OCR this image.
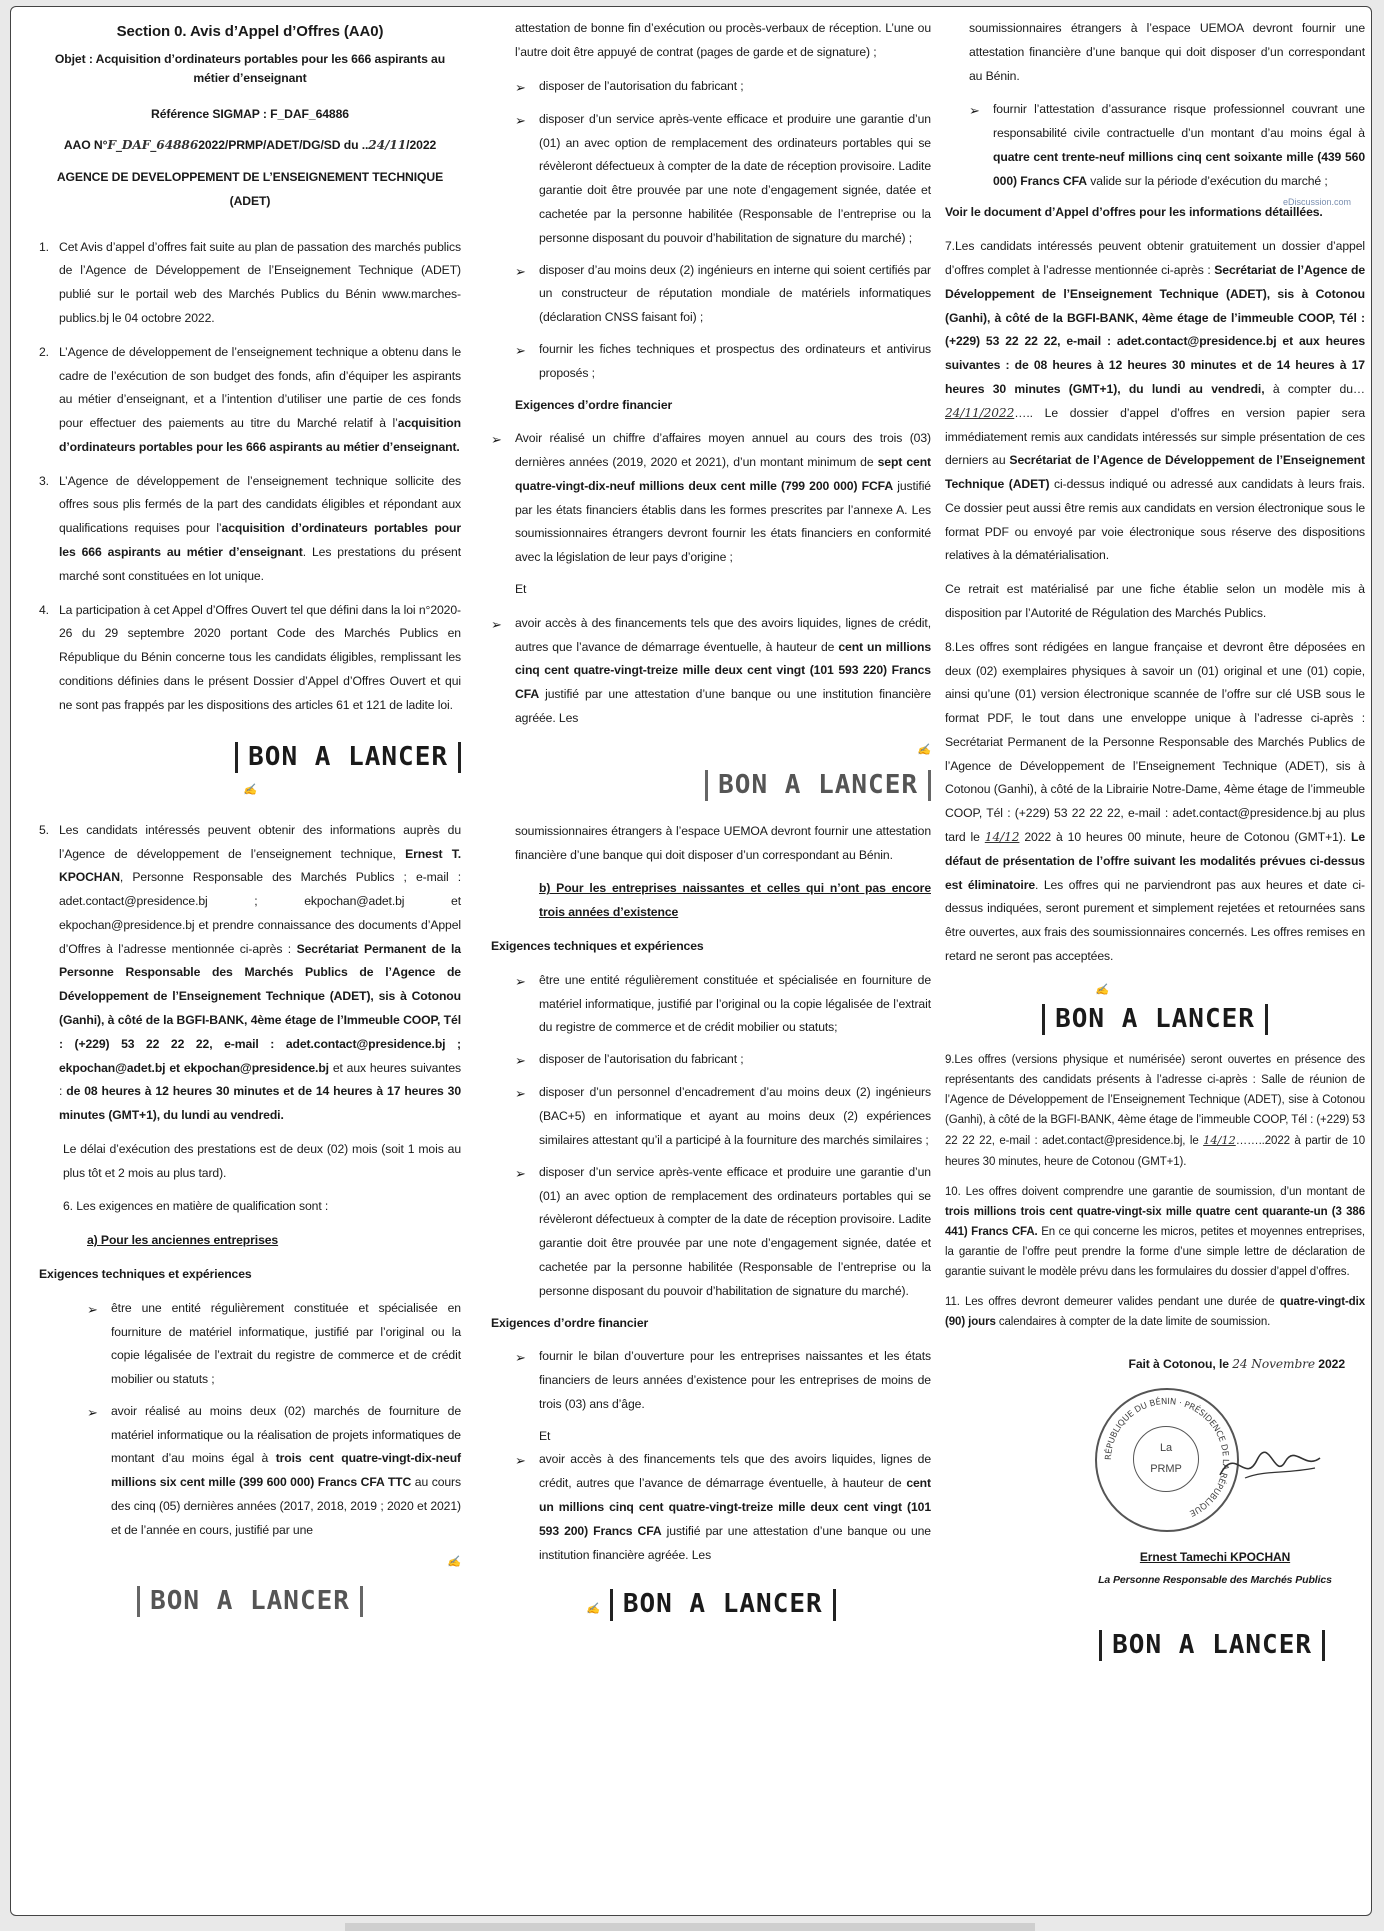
Section 0. Avis d’Appel d’Offres (AA0)
Objet : Acquisition d’ordinateurs portables pour les 666 aspirants au métier d’enseignant
Référence SIGMAP : F_DAF_64886
AAO N°F_DAF_648862022/PRMP/ADET/DG/SD du ..24/11/2022
AGENCE DE DEVELOPPEMENT DE L’ENSEIGNEMENT TECHNIQUE (ADET)
1. Cet Avis d’appel d’offres fait suite au plan de passation des marchés publics de l’Agence de Développement de l’Enseignement Technique (ADET) publié sur le portail web des Marchés Publics du Bénin www.marches-publics.bj le 04 octobre 2022.

2. L’Agence de développement de l’enseignement technique a obtenu dans le cadre de l’exécution de son budget des fonds, afin d’équiper les aspirants au métier d’enseignant, et a l’intention d’utiliser une partie de ces fonds pour effectuer des paiements au titre du Marché relatif à l’acquisition d’ordinateurs portables pour les 666 aspirants au métier d’enseignant.

3. L’Agence de développement de l’enseignement technique sollicite des offres sous plis fermés de la part des candidats éligibles et répondant aux qualifications requises pour l’acquisition d’ordinateurs portables pour les 666 aspirants au métier d’enseignant. Les prestations du présent marché sont constituées en lot unique.

4. La participation à cet Appel d’Offres Ouvert tel que défini dans la loi n°2020-26 du 29 septembre 2020 portant Code des Marchés Publics en République du Bénin concerne tous les candidats éligibles, remplissant les conditions définies dans le présent Dossier d’Appel d’Offres Ouvert et qui ne sont pas frappés par les dispositions des articles 61 et 121 de ladite loi.

BON A LANCER
✍
5. Les candidats intéressés peuvent obtenir des informations auprès du l’Agence de développement de l’enseignement technique, Ernest T. KPOCHAN, Personne Responsable des Marchés Publics ; e-mail : adet.contact@presidence.bj ; ekpochan@adet.bj et ekpochan@presidence.bj et prendre connaissance des documents d’Appel d’Offres à l’adresse mentionnée ci-après : Secrétariat Permanent de la Personne Responsable des Marchés Publics de l’Agence de Développement de l’Enseignement Technique (ADET), sis à Cotonou (Ganhi), à côté de la BGFI-BANK, 4ème étage de l’Immeuble COOP, Tél : (+229) 53 22 22 22, e-mail : adet.contact@presidence.bj ; ekpochan@adet.bj et ekpochan@presidence.bj et aux heures suivantes : de 08 heures à 12 heures 30 minutes et de 14 heures à 17 heures 30 minutes (GMT+1), du lundi au vendredi.

Le délai d’exécution des prestations est de deux (02) mois (soit 1 mois au plus tôt et 2 mois au plus tard).

6. Les exigences en matière de qualification sont :

a) Pour les anciennes entreprises

Exigences techniques et expériences

➢	être une entité régulièrement constituée et spécialisée en fourniture de matériel informatique, justifié par l’original ou la copie légalisée de l’extrait du registre de commerce et de crédit mobilier ou statuts ;
➢	avoir réalisé au moins deux (02) marchés de fourniture de matériel informatique ou la réalisation de projets informatiques de montant d’au moins égal à trois cent quatre-vingt-dix-neuf millions six cent mille (399 600 000) Francs CFA TTC au cours des cinq (05) dernières années (2017, 2018, 2019 ; 2020 et 2021) et de l’année en cours, justifié par une
✍
BON A LANCER

attestation de bonne fin d’exécution ou procès-verbaux de réception. L’une ou l’autre doit être appuyé de contrat (pages de garde et de signature) ;

➢	disposer de l’autorisation du fabricant ;
➢	disposer d’un service après-vente efficace et produire une garantie d’un (01) an avec option de remplacement des ordinateurs portables qui se révèleront défectueux à compter de la date de réception provisoire. Ladite garantie doit être prouvée par une note d’engagement signée, datée et cachetée par la personne habilitée (Responsable de l’entreprise ou la personne disposant du pouvoir d’habilitation de signature du marché) ;
➢	disposer d’au moins deux (2) ingénieurs en interne qui soient certifiés par un constructeur de réputation mondiale de matériels informatiques (déclaration CNSS faisant foi) ;
➢	fournir les fiches techniques et prospectus des ordinateurs et antivirus proposés ;

Exigences d’ordre financier

➢	Avoir réalisé un chiffre d’affaires moyen annuel au cours des trois (03) dernières années (2019, 2020 et 2021), d’un montant minimum de sept cent quatre-vingt-dix-neuf millions deux cent mille (799 200 000) FCFA justifié par les états financiers établis dans les formes prescrites par l’annexe A. Les soumissionnaires étrangers devront fournir les états financiers en conformité avec la législation de leur pays d’origine ;

Et

➢	avoir accès à des financements tels que des avoirs liquides, lignes de crédit, autres que l’avance de démarrage éventuelle, à hauteur de cent un millions cinq cent quatre-vingt-treize mille deux cent vingt (101 593 220) Francs CFA justifié par une attestation d’une banque ou une institution financière agréée. Les
✍
BON A LANCER

soumissionnaires étrangers à l’espace UEMOA devront fournir une attestation financière d’une banque qui doit disposer d’un correspondant au Bénin.

b) Pour les entreprises naissantes et celles qui n’ont pas encore trois années d’existence

Exigences techniques et expériences

➢	être une entité régulièrement constituée et spécialisée en fourniture de matériel informatique, justifié par l’original ou la copie légalisée de l’extrait du registre de commerce et de crédit mobilier ou statuts;
➢	disposer de l’autorisation du fabricant ;
➢	disposer d’un personnel d’encadrement d’au moins deux (2) ingénieurs (BAC+5) en informatique et ayant au moins deux (2) expériences similaires attestant qu’il a participé à la fourniture des marchés similaires ;
➢	disposer d’un service après-vente efficace et produire une garantie d’un (01) an avec option de remplacement des ordinateurs portables qui se révèleront défectueux à compter de la date de réception provisoire. Ladite garantie doit être prouvée par une note d’engagement signée, datée et cachetée par la personne habilitée (Responsable de l’entreprise ou la personne disposant du pouvoir d’habilitation de signature du marché).

Exigences d’ordre financier

➢	fournir le bilan d’ouverture pour les entreprises naissantes et les états financiers de leurs années d’existence pour les entreprises de moins de trois (03) ans d’âge.

Et

➢	avoir accès à des financements tels que des avoirs liquides, lignes de crédit, autres que l’avance de démarrage éventuelle, à hauteur de cent un millions cinq cent quatre-vingt-treize mille deux cent vingt (101 593 200) Francs CFA justifié par une attestation d’une banque ou une institution financière agréée. Les
✍ BON A LANCER

soumissionnaires étrangers à l’espace UEMOA devront fournir une attestation financière d’une banque qui doit disposer d’un correspondant au Bénin.

➢	fournir l’attestation d’assurance risque professionnel couvrant une responsabilité civile contractuelle d’un montant d’au moins égal à quatre cent trente-neuf millions cinq cent soixante mille (439 560 000) Francs CFA valide sur la période d’exécution du marché ;

Voir le document d’Appel d’offres pour les informations détaillées.

7.Les candidats intéressés peuvent obtenir gratuitement un dossier d’appel d’offres complet à l’adresse mentionnée ci-après : Secrétariat de l’Agence de Développement de l’Enseignement Technique (ADET), sis à Cotonou (Ganhi), à côté de la BGFI-BANK, 4ème étage de l’immeuble COOP, Tél : (+229) 53 22 22 22, e-mail : adet.contact@presidence.bj et aux heures suivantes : de 08 heures à 12 heures 30 minutes et de 14 heures à 17 heures 30 minutes (GMT+1), du lundi au vendredi, à compter du…24/11/2022….. Le dossier d’appel d’offres en version papier sera immédiatement remis aux candidats intéressés sur simple présentation de ces derniers au Secrétariat de l’Agence de Développement de l’Enseignement Technique (ADET) ci-dessus indiqué ou adressé aux candidats à leurs frais. Ce dossier peut aussi être remis aux candidats en version électronique sous le format PDF ou envoyé par voie électronique sous réserve des dispositions relatives à la dématérialisation.

Ce retrait est matérialisé par une fiche établie selon un modèle mis à disposition par l’Autorité de Régulation des Marchés Publics.

8.Les offres sont rédigées en langue française et devront être déposées en deux (02) exemplaires physiques à savoir un (01) original et une (01) copie, ainsi qu’une (01) version électronique scannée de l’offre sur clé USB sous le format PDF, le tout dans une enveloppe unique à l’adresse ci-après : Secrétariat Permanent de la Personne Responsable des Marchés Publics de l’Agence de Développement de l’Enseignement Technique (ADET), sis à Cotonou (Ganhi), à côté de la Librairie Notre-Dame, 4ème étage de l’immeuble COOP, Tél : (+229) 53 22 22 22, e-mail : adet.contact@presidence.bj au plus tard le 14/12 2022 à 10 heures 00 minute, heure de Cotonou (GMT+1). Le défaut de présentation de l’offre suivant les modalités prévues ci-dessus est éliminatoire. Les offres qui ne parviendront pas aux heures et date ci-dessus indiquées, seront purement et simplement rejetées et retournées sans être ouvertes, aux frais des soumissionnaires concernés. Les offres remises en retard ne seront pas acceptées.

✍
BON A LANCER

9.Les offres (versions physique et numérisée) seront ouvertes en présence des représentants des candidats présents à l’adresse ci-après : Salle de réunion de l’Agence de Développement de l’Enseignement Technique (ADET), sise à Cotonou (Ganhi), à côté de la BGFI-BANK, 4ème étage de l’immeuble COOP, Tél : (+229) 53 22 22 22, e-mail : adet.contact@presidence.bj, le 14/12……..2022 à partir de 10 heures 30 minutes, heure de Cotonou (GMT+1).

10. Les offres doivent comprendre une garantie de soumission, d’un montant de trois millions trois cent quatre-vingt-six mille quatre cent quarante-un (3 386 441) Francs CFA. En ce qui concerne les micros, petites et moyennes entreprises, la garantie de l’offre peut prendre la forme d’une simple lettre de déclaration de garantie suivant le modèle prévu dans les formulaires du dossier d’appel d’offres.

11. Les offres devront demeurer valides pendant une durée de quatre-vingt-dix (90) jours calendaires à compter de la date limite de soumission.

Fait à Cotonou, le 24 Novembre 2022
RÉPUBLIQUE DU BÉNIN · PRÉSIDENCE DE LA RÉPUBLIQUE
La
PRMP
Ernest Tamechi KPOCHAN
La Personne Responsable des Marchés Publics
BON A LANCER
eDiscussion.com
